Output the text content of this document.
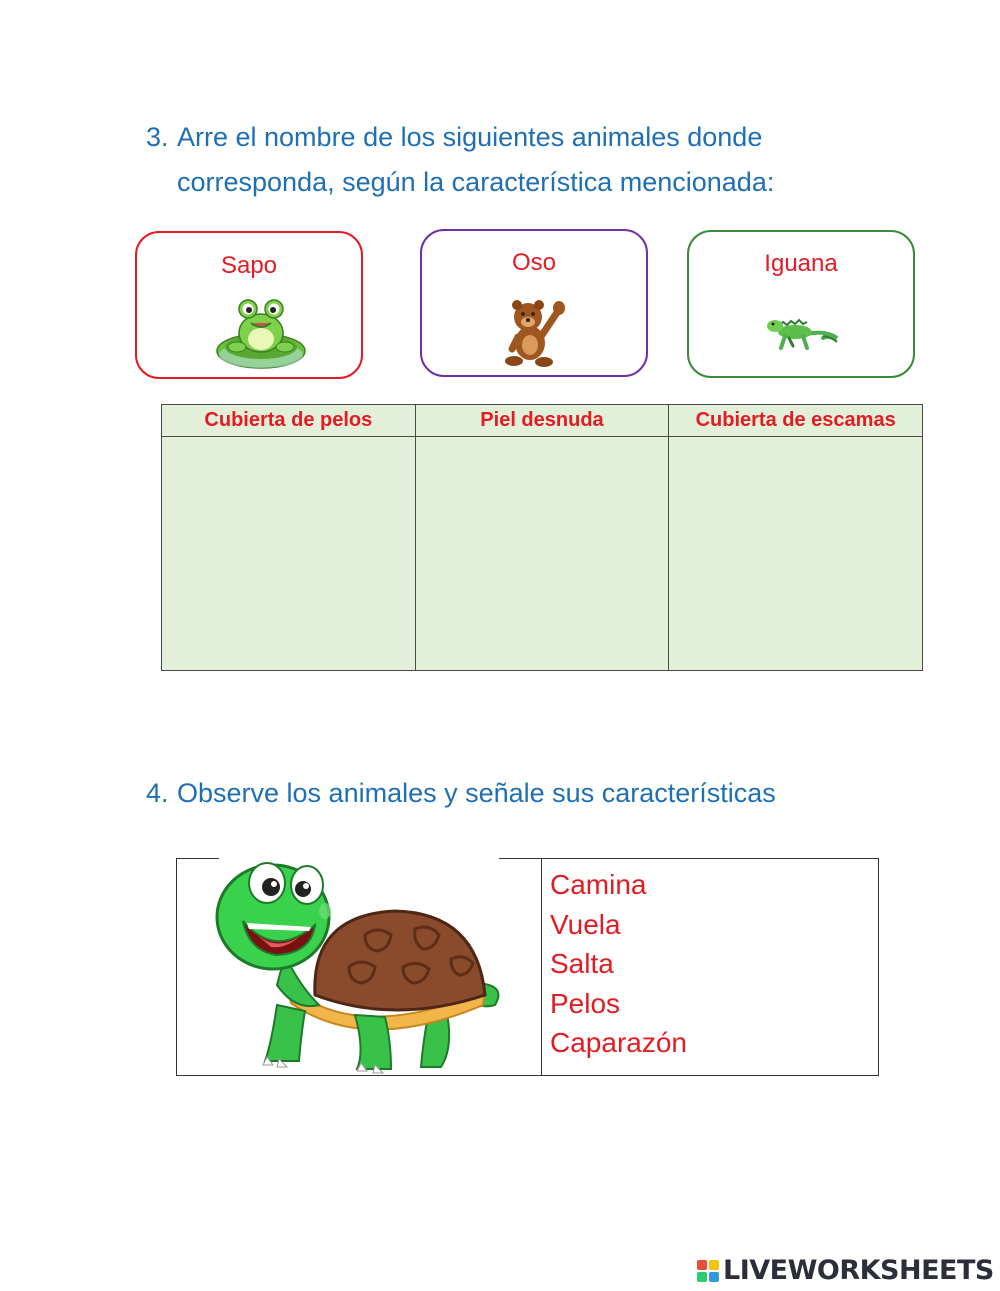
3. Arre el nombre de los siguientes animales donde corresponda, según la característica mencionada:
Sapo	Oso	Iguana
Cubierta de pelos	Piel desnuda	Cubierta de escamas

4. Observe los animales y señale sus características
Camina
Vuela
Salta
Pelos
Caparazón
LIVEWORKSHEETS
